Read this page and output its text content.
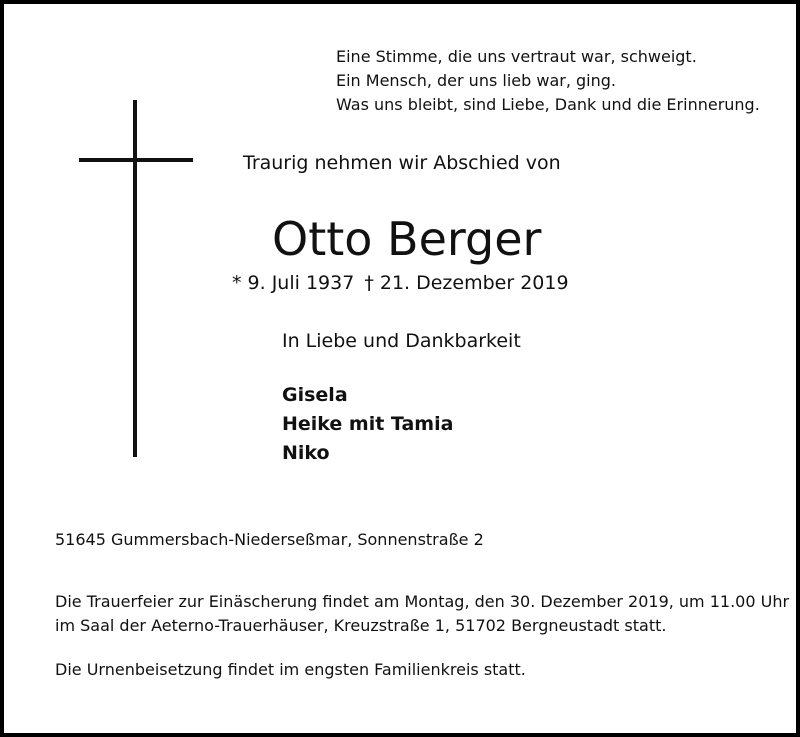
Eine Stimme, die uns vertraut war, schweigt.
Ein Mensch, der uns lieb war, ging.
Was uns bleibt, sind Liebe, Dank und die Erinnerung.
Traurig nehmen wir Abschied von
Otto Berger
* 9. Juli 1937 † 21. Dezember 2019
In Liebe und Dankbarkeit
Gisela
Heike mit Tamia
Niko
51645 Gummersbach-Niederseßmar, Sonnenstraße 2
Die Trauerfeier zur Einäscherung findet am Montag, den 30. Dezember 2019, um 11.00 Uhr
im Saal der Aeterno-Trauerhäuser, Kreuzstraße 1, 51702 Bergneustadt statt.
Die Urnenbeisetzung findet im engsten Familienkreis statt.
